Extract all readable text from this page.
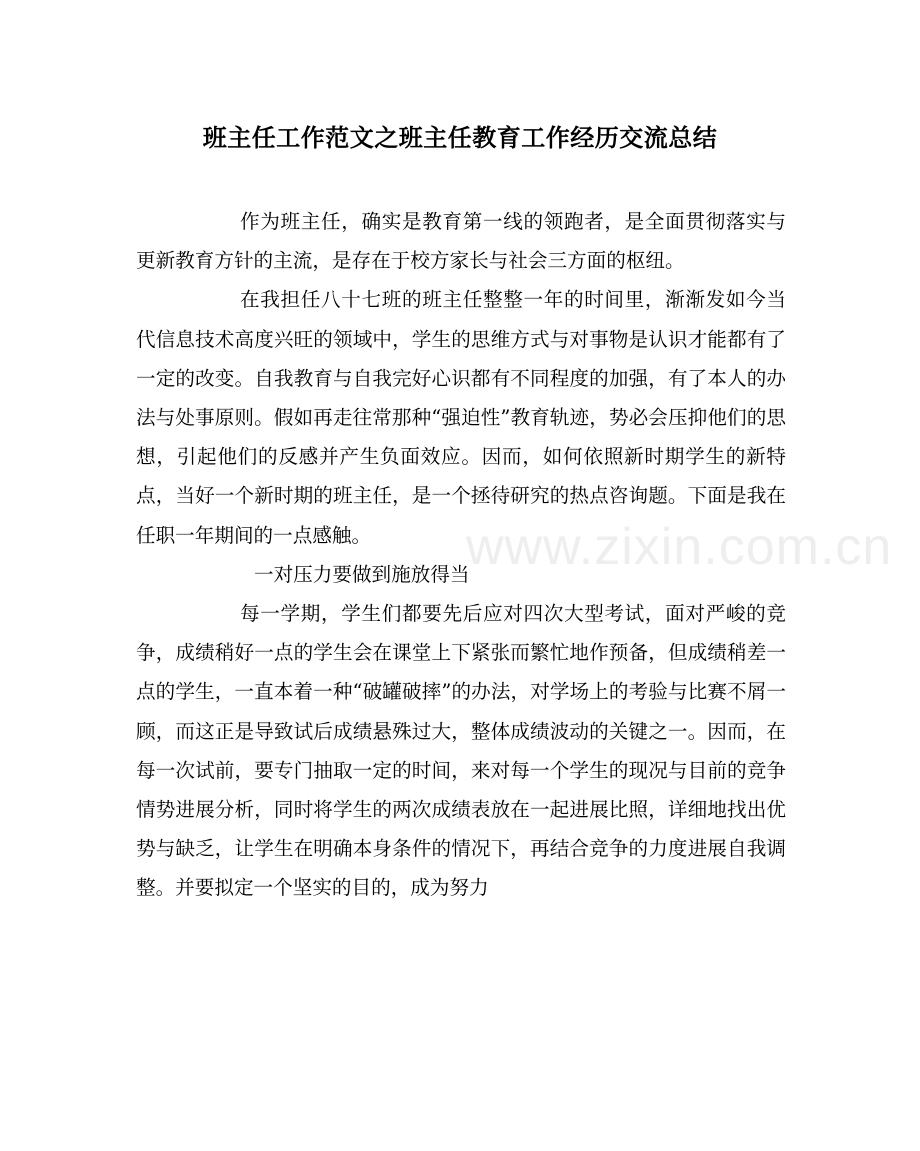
班主任工作范文之班主任教育工作经历交流总结

作为班主任，确实是教育第一线的领跑者，是全面贯彻落实与更新教育方针的主流，是存在于校方家长与社会三方面的枢纽。

在我担任八十七班的班主任整整一年的时间里，渐渐发如今当代信息技术高度兴旺的领域中，学生的思维方式与对事物是认识才能都有了一定的改变。自我教育与自我完好心识都有不同程度的加强，有了本人的办法与处事原则。假如再走往常那种“强迫性”教育轨迹，势必会压抑他们的思想，引起他们的反感并产生负面效应。因而，如何依照新时期学生的新特点，当好一个新时期的班主任，是一个拯待研究的热点咨询题。下面是我在任职一年期间的一点感触。

一对压力要做到施放得当

每一学期，学生们都要先后应对四次大型考试，面对严峻的竞争，成绩稍好一点的学生会在课堂上下紧张而繁忙地作预备，但成绩稍差一点的学生，一直本着一种“破罐破摔”的办法，对学场上的考验与比赛不屑一顾，而这正是导致试后成绩悬殊过大，整体成绩波动的关键之一。因而，在每一次试前，要专门抽取一定的时间，来对每一个学生的现况与目前的竞争情势进展分析，同时将学生的两次成绩表放在一起进展比照，详细地找出优势与缺乏，让学生在明确本身条件的情况下，再结合竞争的力度进展自我调整。并要拟定一个坚实的目的，成为努力

www.zixin.com.cn
